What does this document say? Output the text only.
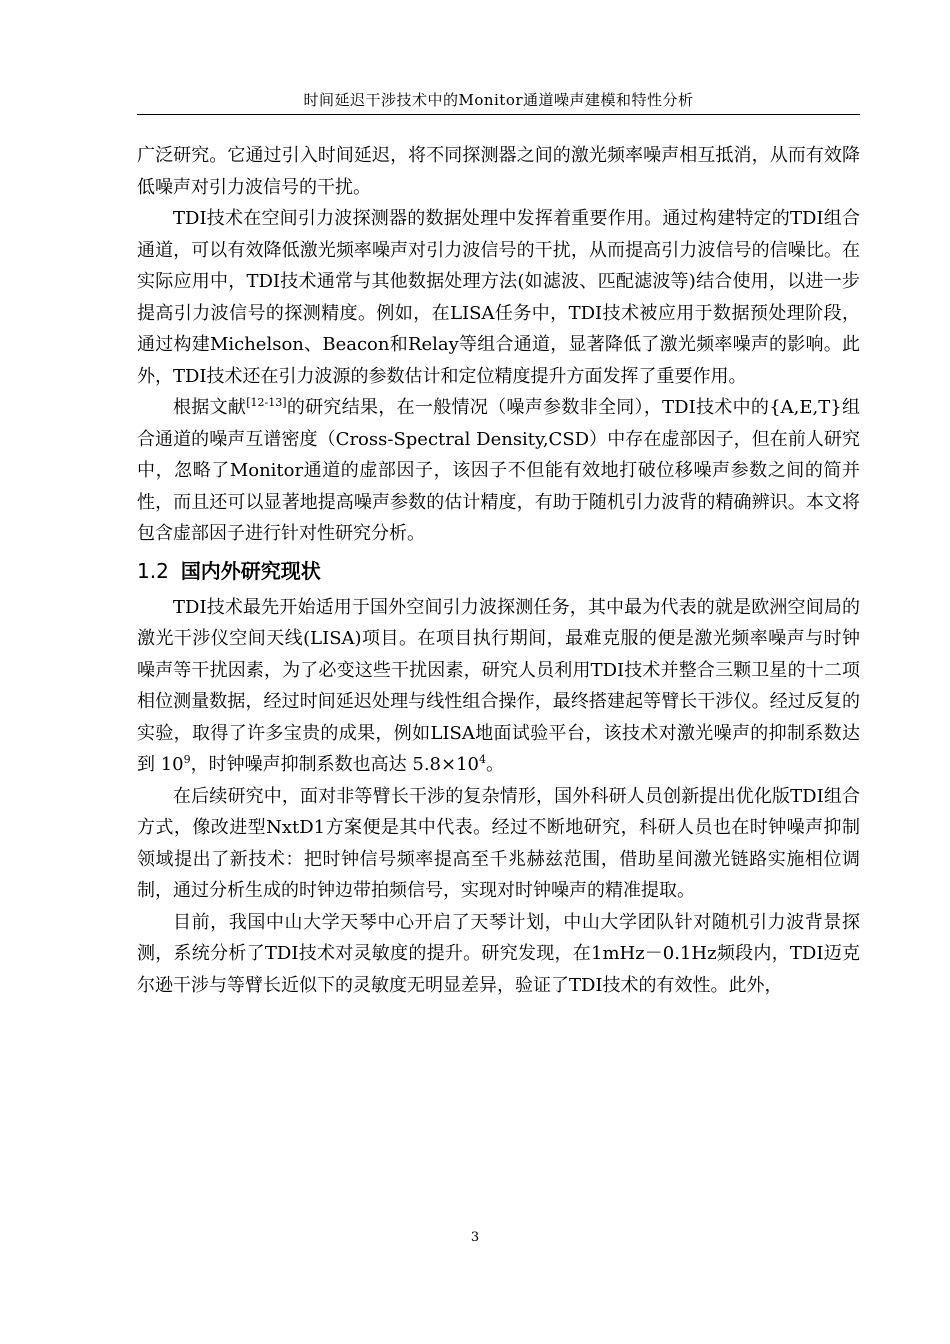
时间延迟干涉技术中的Monitor通道噪声建模和特性分析

广泛研究。它通过引入时间延迟，将不同探测器之间的激光频率噪声相互抵消，从而有效降低噪声对引力波信号的干扰。

TDI技术在空间引力波探测器的数据处理中发挥着重要作用。通过构建特定的TDI组合通道，可以有效降低激光频率噪声对引力波信号的干扰，从而提高引力波信号的信噪比。在实际应用中，TDI技术通常与其他数据处理方法(如滤波、匹配滤波等)结合使用，以进一步提高引力波信号的探测精度。例如，在LISA任务中，TDI技术被应用于数据预处理阶段，通过构建Michelson、Beacon和Relay等组合通道，显著降低了激光频率噪声的影响。此外，TDI技术还在引力波源的参数估计和定位精度提升方面发挥了重要作用。

根据文献[12-13]的研究结果，在一般情况（噪声参数非全同），TDI技术中的{A,E,T}组合通道的噪声互谱密度（Cross-Spectral Density,CSD）中存在虚部因子，但在前人研究中，忽略了Monitor通道的虚部因子，该因子不但能有效地打破位移噪声参数之间的简并性，而且还可以显著地提高噪声参数的估计精度，有助于随机引力波背的精确辨识。本文将包含虚部因子进行针对性研究分析。

1.2 国内外研究现状

TDI技术最先开始适用于国外空间引力波探测任务，其中最为代表的就是欧洲空间局的激光干涉仪空间天线(LISA)项目。在项目执行期间，最难克服的便是激光频率噪声与时钟噪声等干扰因素，为了必变这些干扰因素，研究人员利用TDI技术并整合三颗卫星的十二项相位测量数据，经过时间延迟处理与线性组合操作，最终搭建起等臂长干涉仪。经过反复的实验，取得了许多宝贵的成果，例如LISA地面试验平台，该技术对激光噪声的抑制系数达到 $10^9$，时钟噪声抑制系数也高达 $5.8\times 10^4$。

在后续研究中，面对非等臂长干涉的复杂情形，国外科研人员创新提出优化版TDI组合方式，像改进型NxtD1方案便是其中代表。经过不断地研究，科研人员也在时钟噪声抑制领域提出了新技术：把时钟信号频率提高至千兆赫兹范围，借助星间激光链路实施相位调制，通过分析生成的时钟边带拍频信号，实现对时钟噪声的精准提取。

目前，我国中山大学天琴中心开启了天琴计划，中山大学团队针对随机引力波背景探测，系统分析了TDI技术对灵敏度的提升。研究发现，在1mHz－0.1Hz频段内，TDI迈克尔逊干涉与等臂长近似下的灵敏度无明显差异，验证了TDI技术的有效性。此外，

3
